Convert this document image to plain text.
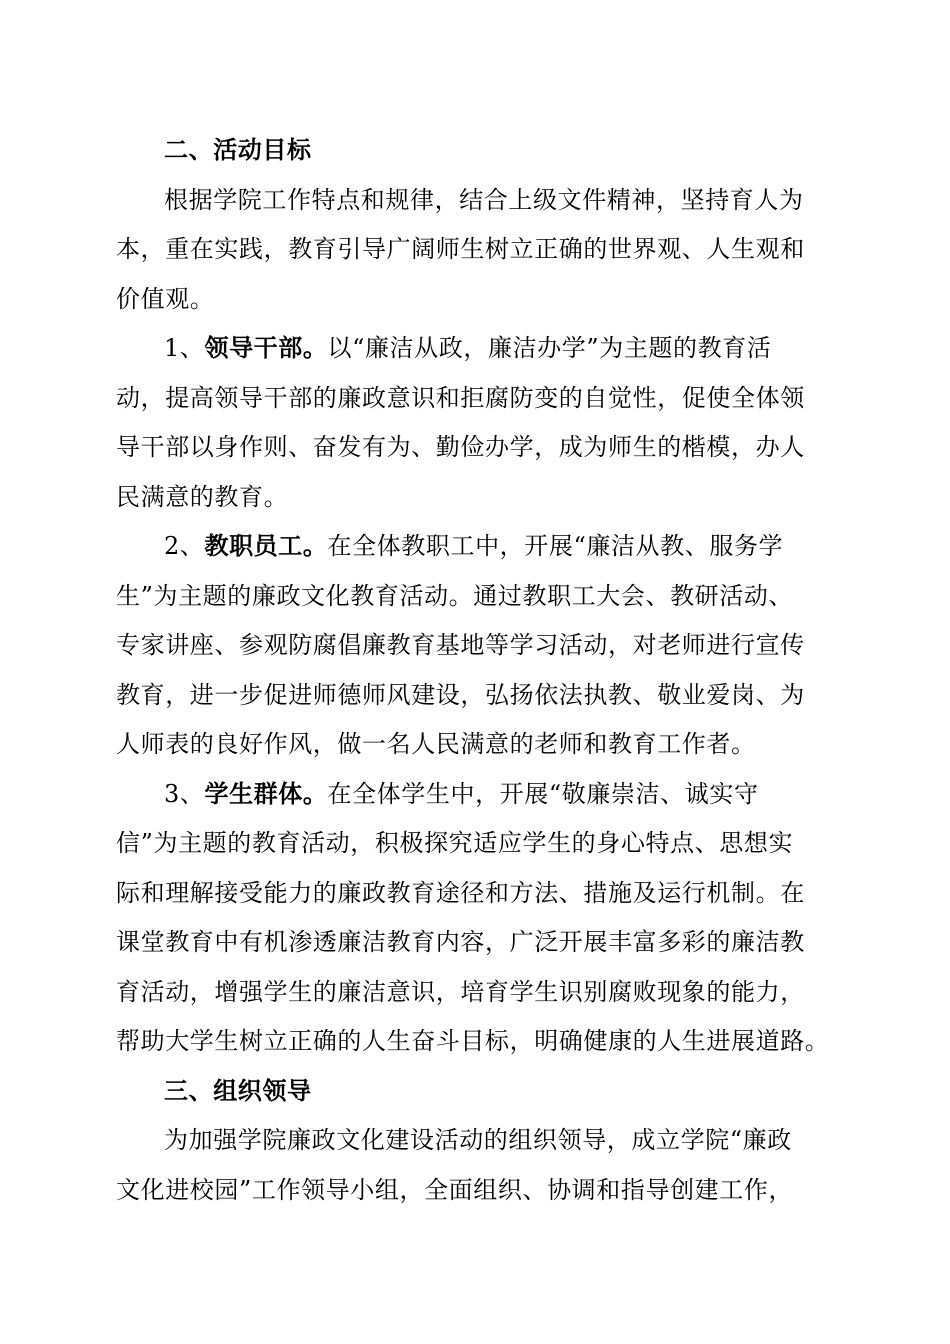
二、活动目标
根据学院工作特点和规律，结合上级文件精神，坚持育人为
本，重在实践，教育引导广阔师生树立正确的世界观、人生观和
价值观。
1、领导干部。以“廉洁从政，廉洁办学”为主题的教育活
动，提高领导干部的廉政意识和拒腐防变的自觉性，促使全体领
导干部以身作则、奋发有为、勤俭办学，成为师生的楷模，办人
民满意的教育。
2、教职员工。在全体教职工中，开展“廉洁从教、服务学
生”为主题的廉政文化教育活动。通过教职工大会、教研活动、
专家讲座、参观防腐倡廉教育基地等学习活动，对老师进行宣传
教育，进一步促进师德师风建设，弘扬依法执教、敬业爱岗、为
人师表的良好作风，做一名人民满意的老师和教育工作者。
3、学生群体。在全体学生中，开展“敬廉崇洁、诚实守
信”为主题的教育活动，积极探究适应学生的身心特点、思想实
际和理解接受能力的廉政教育途径和方法、措施及运行机制。在
课堂教育中有机渗透廉洁教育内容，广泛开展丰富多彩的廉洁教
育活动，增强学生的廉洁意识，培育学生识别腐败现象的能力，
帮助大学生树立正确的人生奋斗目标，明确健康的人生进展道路。
三、组织领导
为加强学院廉政文化建设活动的组织领导，成立学院“廉政
文化进校园”工作领导小组，全面组织、协调和指导创建工作，
